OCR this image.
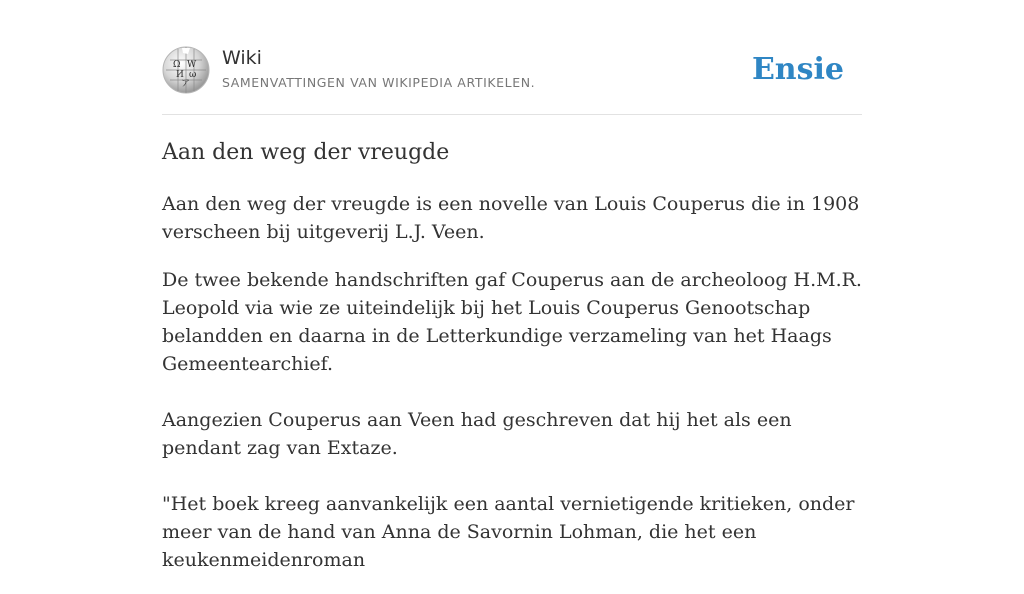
Ω W
И ω
ア
Wiki
SAMENVATTINGEN VAN WIKIPEDIA ARTIKELEN.	Ensie
Aan den weg der vreugde

Aan den weg der vreugde is een novelle van Louis Couperus die in 1908 verscheen bij uitgeverij L.J. Veen.

De twee bekende handschriften gaf Couperus aan de archeoloog H.M.R. Leopold via wie ze uiteindelijk bij het Louis Couperus Genootschap belandden en daarna in de Letterkundige verzameling van het Haags Gemeentearchief.

Aangezien Couperus aan Veen had geschreven dat hij het als een pendant zag van Extaze.

"Het boek kreeg aanvankelijk een aantal vernietigende kritieken, onder meer van de hand van Anna de Savornin Lohman, die het een keukenmeidenroman
